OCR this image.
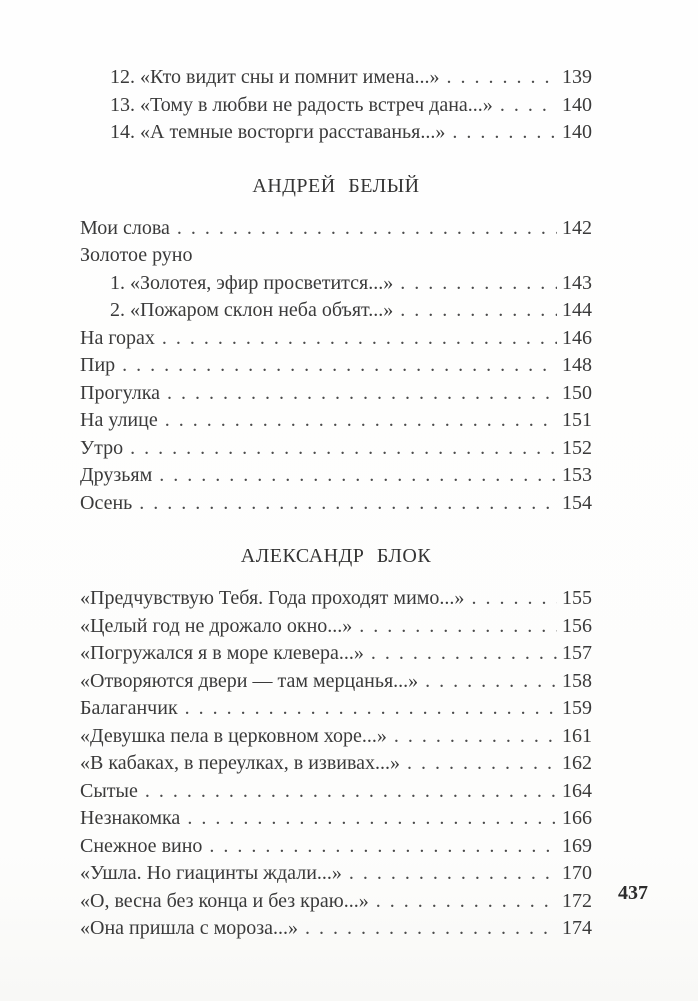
12. «Кто видит сны и помнит имена...» . . .	139
13. «Тому в любви не радость встреч дана...» . . .	140
14. «А темные восторги расставанья...» . . .	140
АНДРЕЙ БЕЛЫЙ
Мои слова . . .	142
Золотое руно
1. «Золотея, эфир просветится...» . . .	143
2. «Пожаром склон неба объят...» . . .	144
На горах . . .	146
Пир . . .	148
Прогулка . . .	150
На улице . . .	151
Утро . . .	152
Друзьям . . .	153
Осень . . .	154
АЛЕКСАНДР БЛОК
«Предчувствую Тебя. Года проходят мимо...» . . .	155
«Целый год не дрожало окно...» . . .	156
«Погружался я в море клевера...» . . .	157
«Отворяются двери — там мерцанья...» . . .	158
Балаганчик . . .	159
«Девушка пела в церковном хоре...» . . .	161
«В кабаках, в переулках, в извивах...» . . .	162
Сытые . . .	164
Незнакомка . . .	166
Снежное вино . . .	169
«Ушла. Но гиацинты ждали...» . . .	170
«О, весна без конца и без краю...» . . .	172
«Она пришла с мороза...» . . .	174
437
